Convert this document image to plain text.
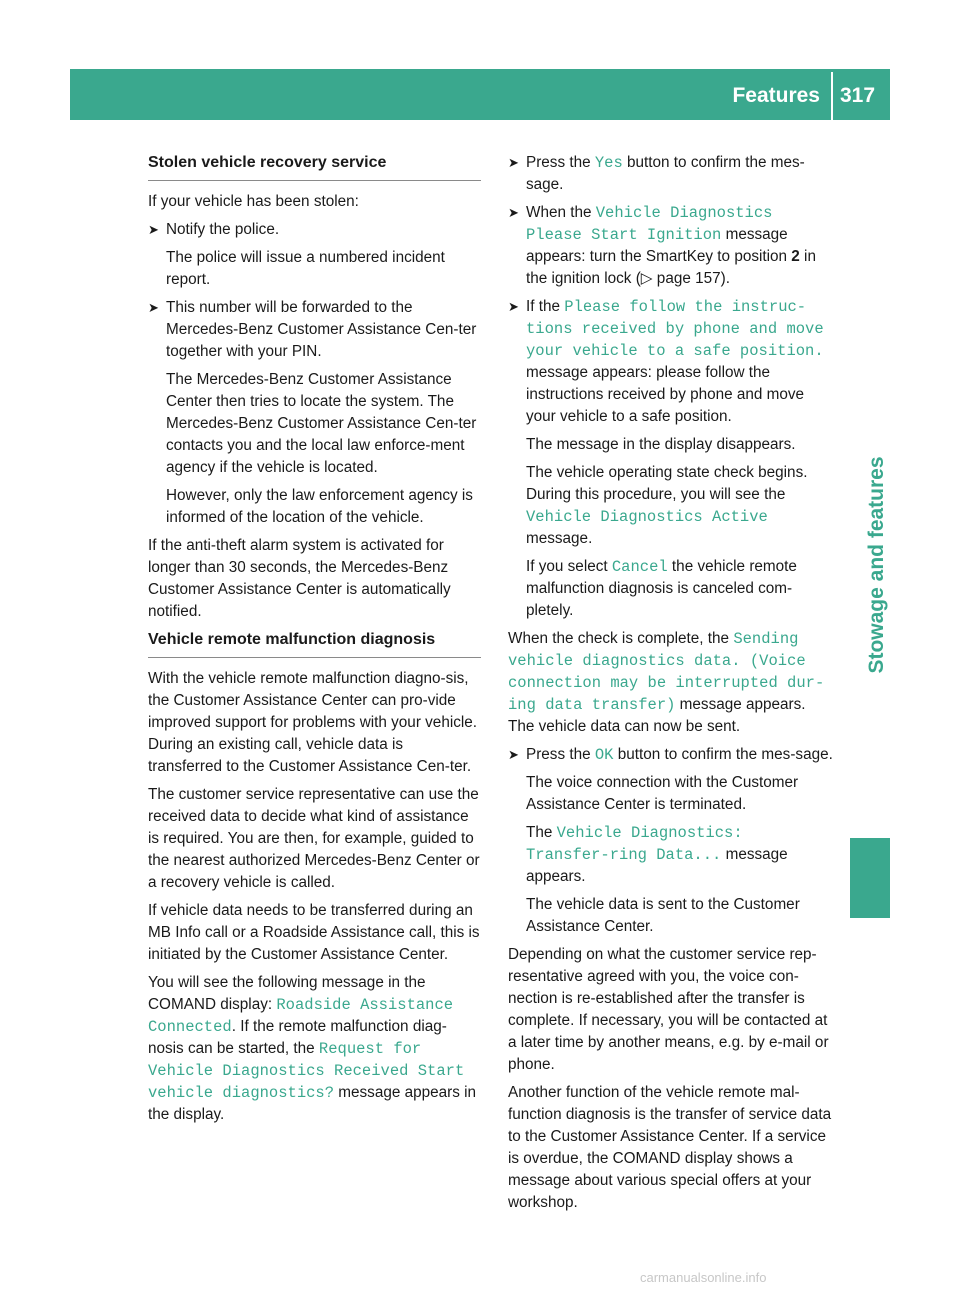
Features 317
Stowage and features
Stolen vehicle recovery service

If your vehicle has been stolen:

➤ Notify the police.

The police will issue a numbered incident report.

➤ This number will be forwarded to the Mercedes-Benz Customer Assistance Cen-ter together with your PIN.

The Mercedes-Benz Customer Assistance Center then tries to locate the system. The Mercedes-Benz Customer Assistance Cen-ter contacts you and the local law enforce-ment agency if the vehicle is located.

However, only the law enforcement agency is informed of the location of the vehicle.

If the anti-theft alarm system is activated for longer than 30 seconds, the Mercedes-Benz Customer Assistance Center is automatically notified.

Vehicle remote malfunction diagnosis

With the vehicle remote malfunction diagno-sis, the Customer Assistance Center can pro-vide improved support for problems with your vehicle. During an existing call, vehicle data is transferred to the Customer Assistance Cen-ter.

The customer service representative can use the received data to decide what kind of assistance is required. You are then, for example, guided to the nearest authorized Mercedes-Benz Center or a recovery vehicle is called.

If vehicle data needs to be transferred during an MB Info call or a Roadside Assistance call, this is initiated by the Customer Assistance Center.

You will see the following message in the COMAND display: Roadside Assistance Connected. If the remote malfunction diag-nosis can be started, the Request for Vehicle Diagnostics Received Start vehicle diagnostics? message appears in the display.

➤ Press the Yes button to confirm the mes-sage.

➤ When the Vehicle Diagnostics Please Start Ignition message appears: turn the SmartKey to position 2 in the ignition lock (▷ page 157).

➤ If the Please follow the instruc-tions received by phone and move your vehicle to a safe position. message appears: please follow the instructions received by phone and move your vehicle to a safe position.

The message in the display disappears.

The vehicle operating state check begins. During this procedure, you will see the Vehicle Diagnostics Active message.

If you select Cancel the vehicle remote malfunction diagnosis is canceled com-pletely.

When the check is complete, the Sending vehicle diagnostics data. (Voice connection may be interrupted dur-ing data transfer) message appears. The vehicle data can now be sent.

➤ Press the OK button to confirm the mes-sage.

The voice connection with the Customer Assistance Center is terminated.

The Vehicle Diagnostics: Transfer-ring Data... message appears.

The vehicle data is sent to the Customer Assistance Center.

Depending on what the customer service rep-resentative agreed with you, the voice con-nection is re-established after the transfer is complete. If necessary, you will be contacted at a later time by another means, e.g. by e-mail or phone.

Another function of the vehicle remote mal-function diagnosis is the transfer of service data to the Customer Assistance Center. If a service is overdue, the COMAND display shows a message about various special offers at your workshop.

carmanualsonline.info
